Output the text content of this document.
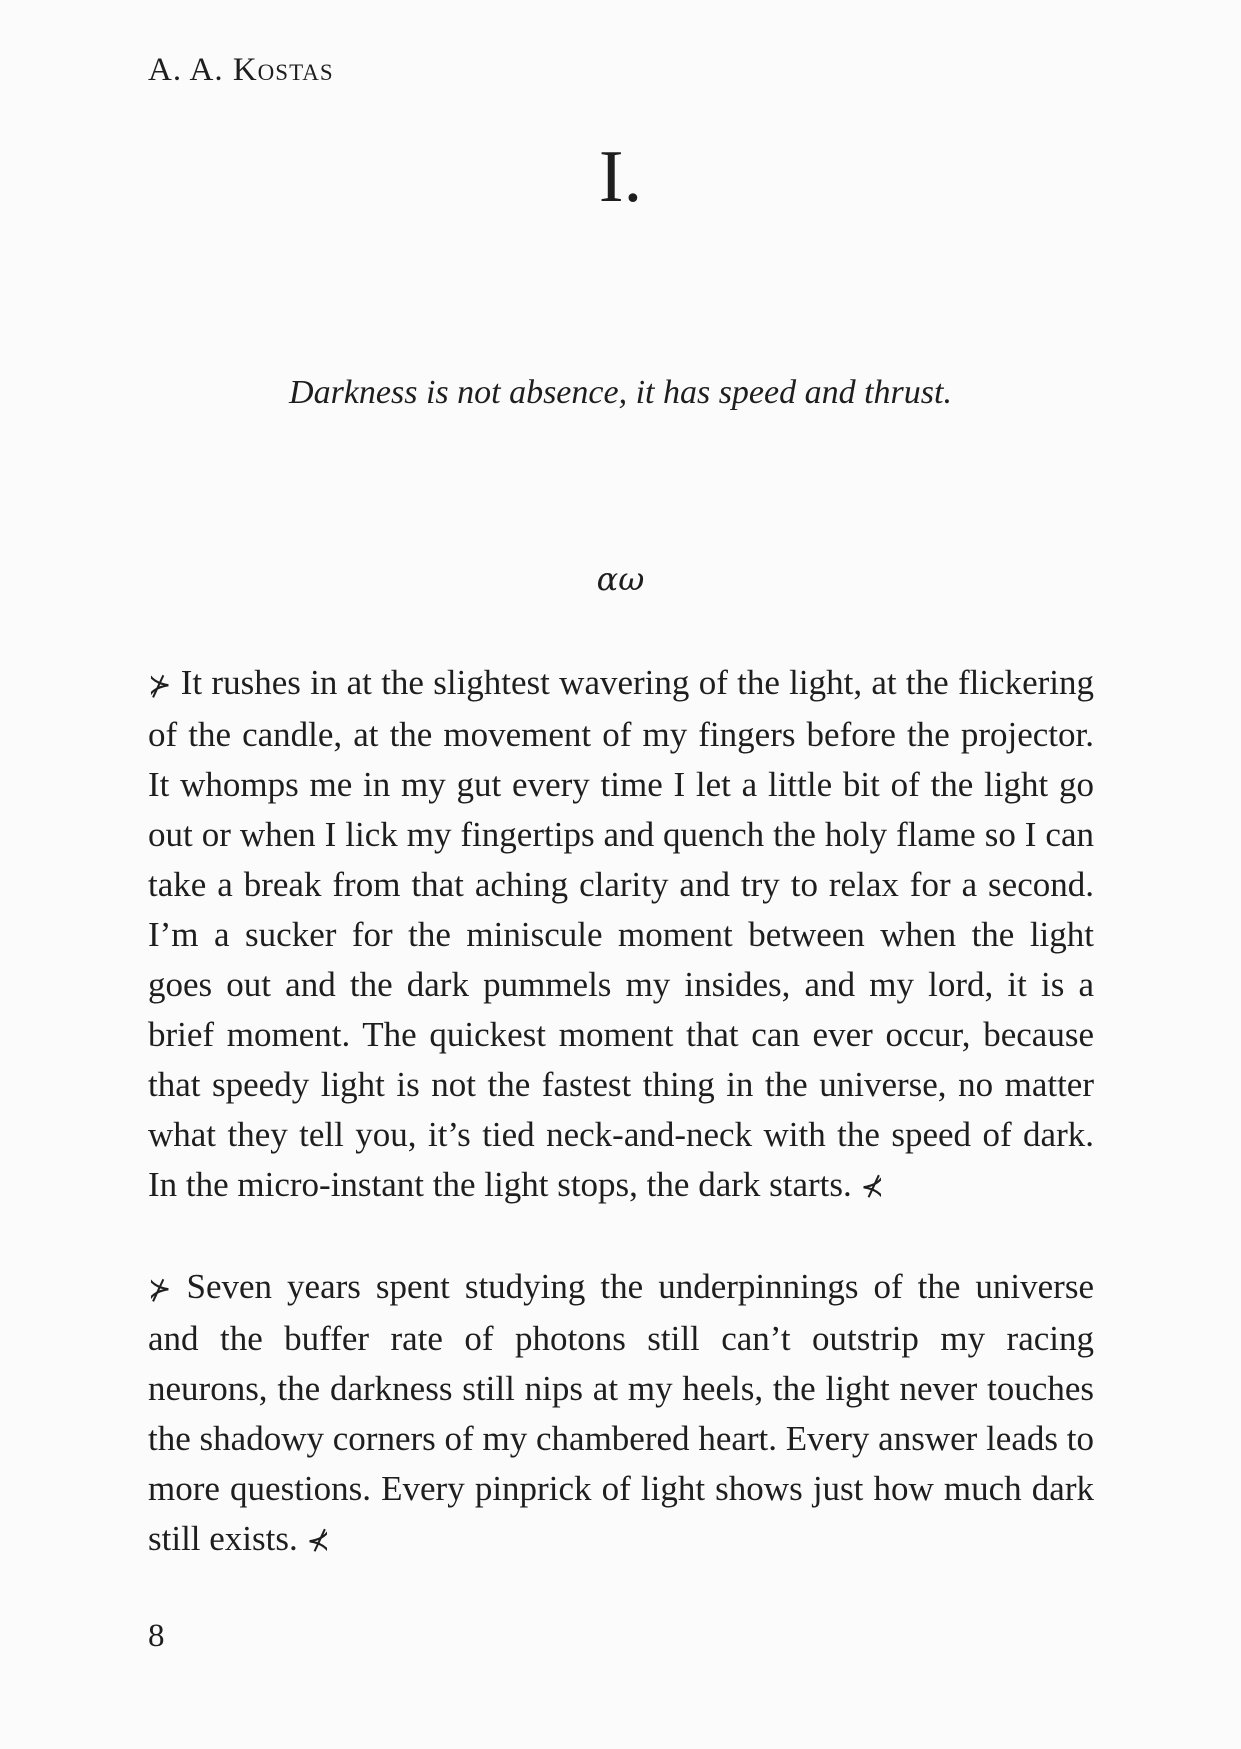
A. A. Kostas
I.
Darkness is not absence, it has speed and thrust.
αω

⊁ It rushes in at the slightest wavering of the light, at the flickering of the candle, at the movement of my fingers before the projector. It whomps me in my gut every time I let a little bit of the light go out or when I lick my fingertips and quench the holy flame so I can take a break from that aching clarity and try to relax for a second. I’m a sucker for the miniscule moment between when the light goes out and the dark pummels my insides, and my lord, it is a brief moment. The quickest moment that can ever occur, because that speedy light is not the fastest thing in the universe, no matter what they tell you, it’s tied neck-and-neck with the speed of dark. In the micro-instant the light stops, the dark starts. ⊀

⊁ Seven years spent studying the underpinnings of the universe and the buffer rate of photons still can’t outstrip my racing neurons, the darkness still nips at my heels, the light never touches the shadowy corners of my chambered heart. Every answer leads to more questions. Every pinprick of light shows just how much dark still exists. ⊀

8
